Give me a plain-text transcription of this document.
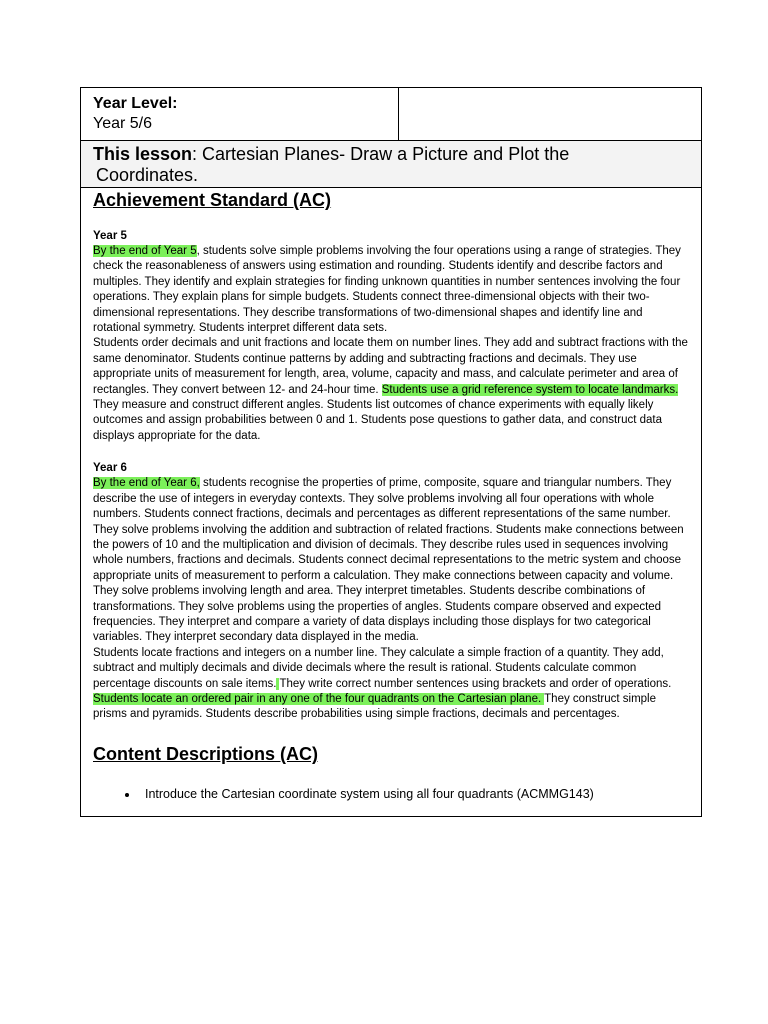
Year Level:
Year 5/6
This lesson: Cartesian Planes- Draw a Picture and Plot the
Coordinates.
Achievement Standard (AC)
Year 5

By the end of Year 5, students solve simple problems involving the four operations using a range of strategies. They check the reasonableness of answers using estimation and rounding. Students identify and describe factors and multiples. They identify and explain strategies for finding unknown quantities in number sentences involving the four operations. They explain plans for simple budgets. Students connect three-dimensional objects with their two-dimensional representations. They describe transformations of two-dimensional shapes and identify line and rotational symmetry. Students interpret different data sets.

Students order decimals and unit fractions and locate them on number lines. They add and subtract fractions with the same denominator. Students continue patterns by adding and subtracting fractions and decimals. They use appropriate units of measurement for length, area, volume, capacity and mass, and calculate perimeter and area of rectangles. They convert between 12- and 24-hour time. Students use a grid reference system to locate landmarks. They measure and construct different angles. Students list outcomes of chance experiments with equally likely outcomes and assign probabilities between 0 and 1. Students pose questions to gather data, and construct data displays appropriate for the data.

Year 6

By the end of Year 6, students recognise the properties of prime, composite, square and triangular numbers. They describe the use of integers in everyday contexts. They solve problems involving all four operations with whole numbers. Students connect fractions, decimals and percentages as different representations of the same number. They solve problems involving the addition and subtraction of related fractions. Students make connections between the powers of 10 and the multiplication and division of decimals. They describe rules used in sequences involving whole numbers, fractions and decimals. Students connect decimal representations to the metric system and choose appropriate units of measurement to perform a calculation. They make connections between capacity and volume. They solve problems involving length and area. They interpret timetables. Students describe combinations of transformations. They solve problems using the properties of angles. Students compare observed and expected frequencies. They interpret and compare a variety of data displays including those displays for two categorical variables. They interpret secondary data displayed in the media.

Students locate fractions and integers on a number line. They calculate a simple fraction of a quantity. They add, subtract and multiply decimals and divide decimals where the result is rational. Students calculate common percentage discounts on sale items. They write correct number sentences using brackets and order of operations. Students locate an ordered pair in any one of the four quadrants on the Cartesian plane. They construct simple prisms and pyramids. Students describe probabilities using simple fractions, decimals and percentages.

Content Descriptions (AC)
• Introduce the Cartesian coordinate system using all four quadrants (ACMMG143)
